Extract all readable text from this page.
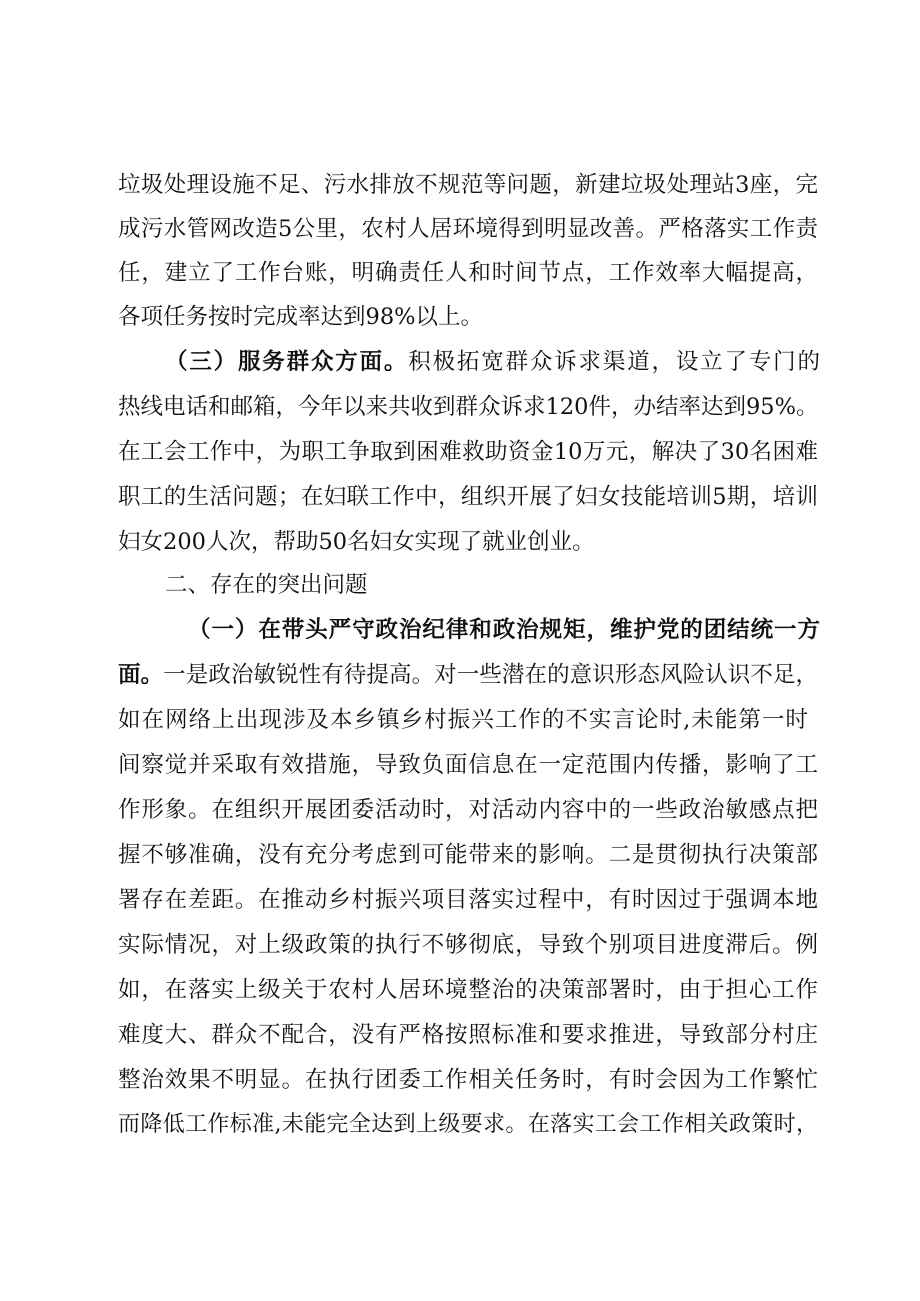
垃圾处理设施不足、污水排放不规范等问题，新建垃圾处理站3座，完
成污水管网改造5公里，农村人居环境得到明显改善。严格落实工作责
任，建立了工作台账，明确责任人和时间节点，工作效率大幅提高，
各项任务按时完成率达到98%以上。
（三）服务群众方面。积极拓宽群众诉求渠道，设立了专门的
热线电话和邮箱，今年以来共收到群众诉求120件，办结率达到95%。
在工会工作中，为职工争取到困难救助资金10万元，解决了30名困难
职工的生活问题；在妇联工作中，组织开展了妇女技能培训5期，培训
妇女200人次，帮助50名妇女实现了就业创业。
二、存在的突出问题
（一）在带头严守政治纪律和政治规矩，维护党的团结统一方
面。一是政治敏锐性有待提高。对一些潜在的意识形态风险认识不足，
如在网络上出现涉及本乡镇乡村振兴工作的不实言论时,未能第一时
间察觉并采取有效措施，导致负面信息在一定范围内传播，影响了工
作形象。在组织开展团委活动时，对活动内容中的一些政治敏感点把
握不够准确，没有充分考虑到可能带来的影响。二是贯彻执行决策部
署存在差距。在推动乡村振兴项目落实过程中，有时因过于强调本地
实际情况，对上级政策的执行不够彻底，导致个别项目进度滞后。例
如，在落实上级关于农村人居环境整治的决策部署时，由于担心工作
难度大、群众不配合，没有严格按照标准和要求推进，导致部分村庄
整治效果不明显。在执行团委工作相关任务时，有时会因为工作繁忙
而降低工作标准,未能完全达到上级要求。在落实工会工作相关政策时，
